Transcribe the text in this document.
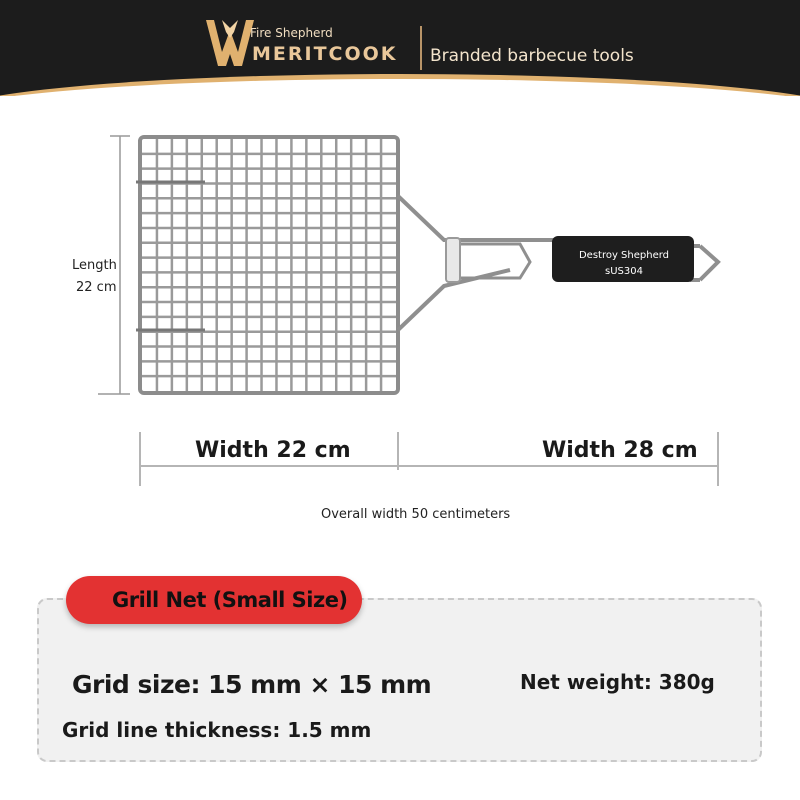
Fire Shepherd
MERITCOOK Branded barbecue tools
Destroy Shepherd
sUS304
Length
22 cm
Width 22 cm	Width 28 cm
Overall width 50 centimeters
Grill Net (Small Size)
Grid size: 15 mm × 15 mm	Net weight: 380g
Grid line thickness: 1.5 mm
